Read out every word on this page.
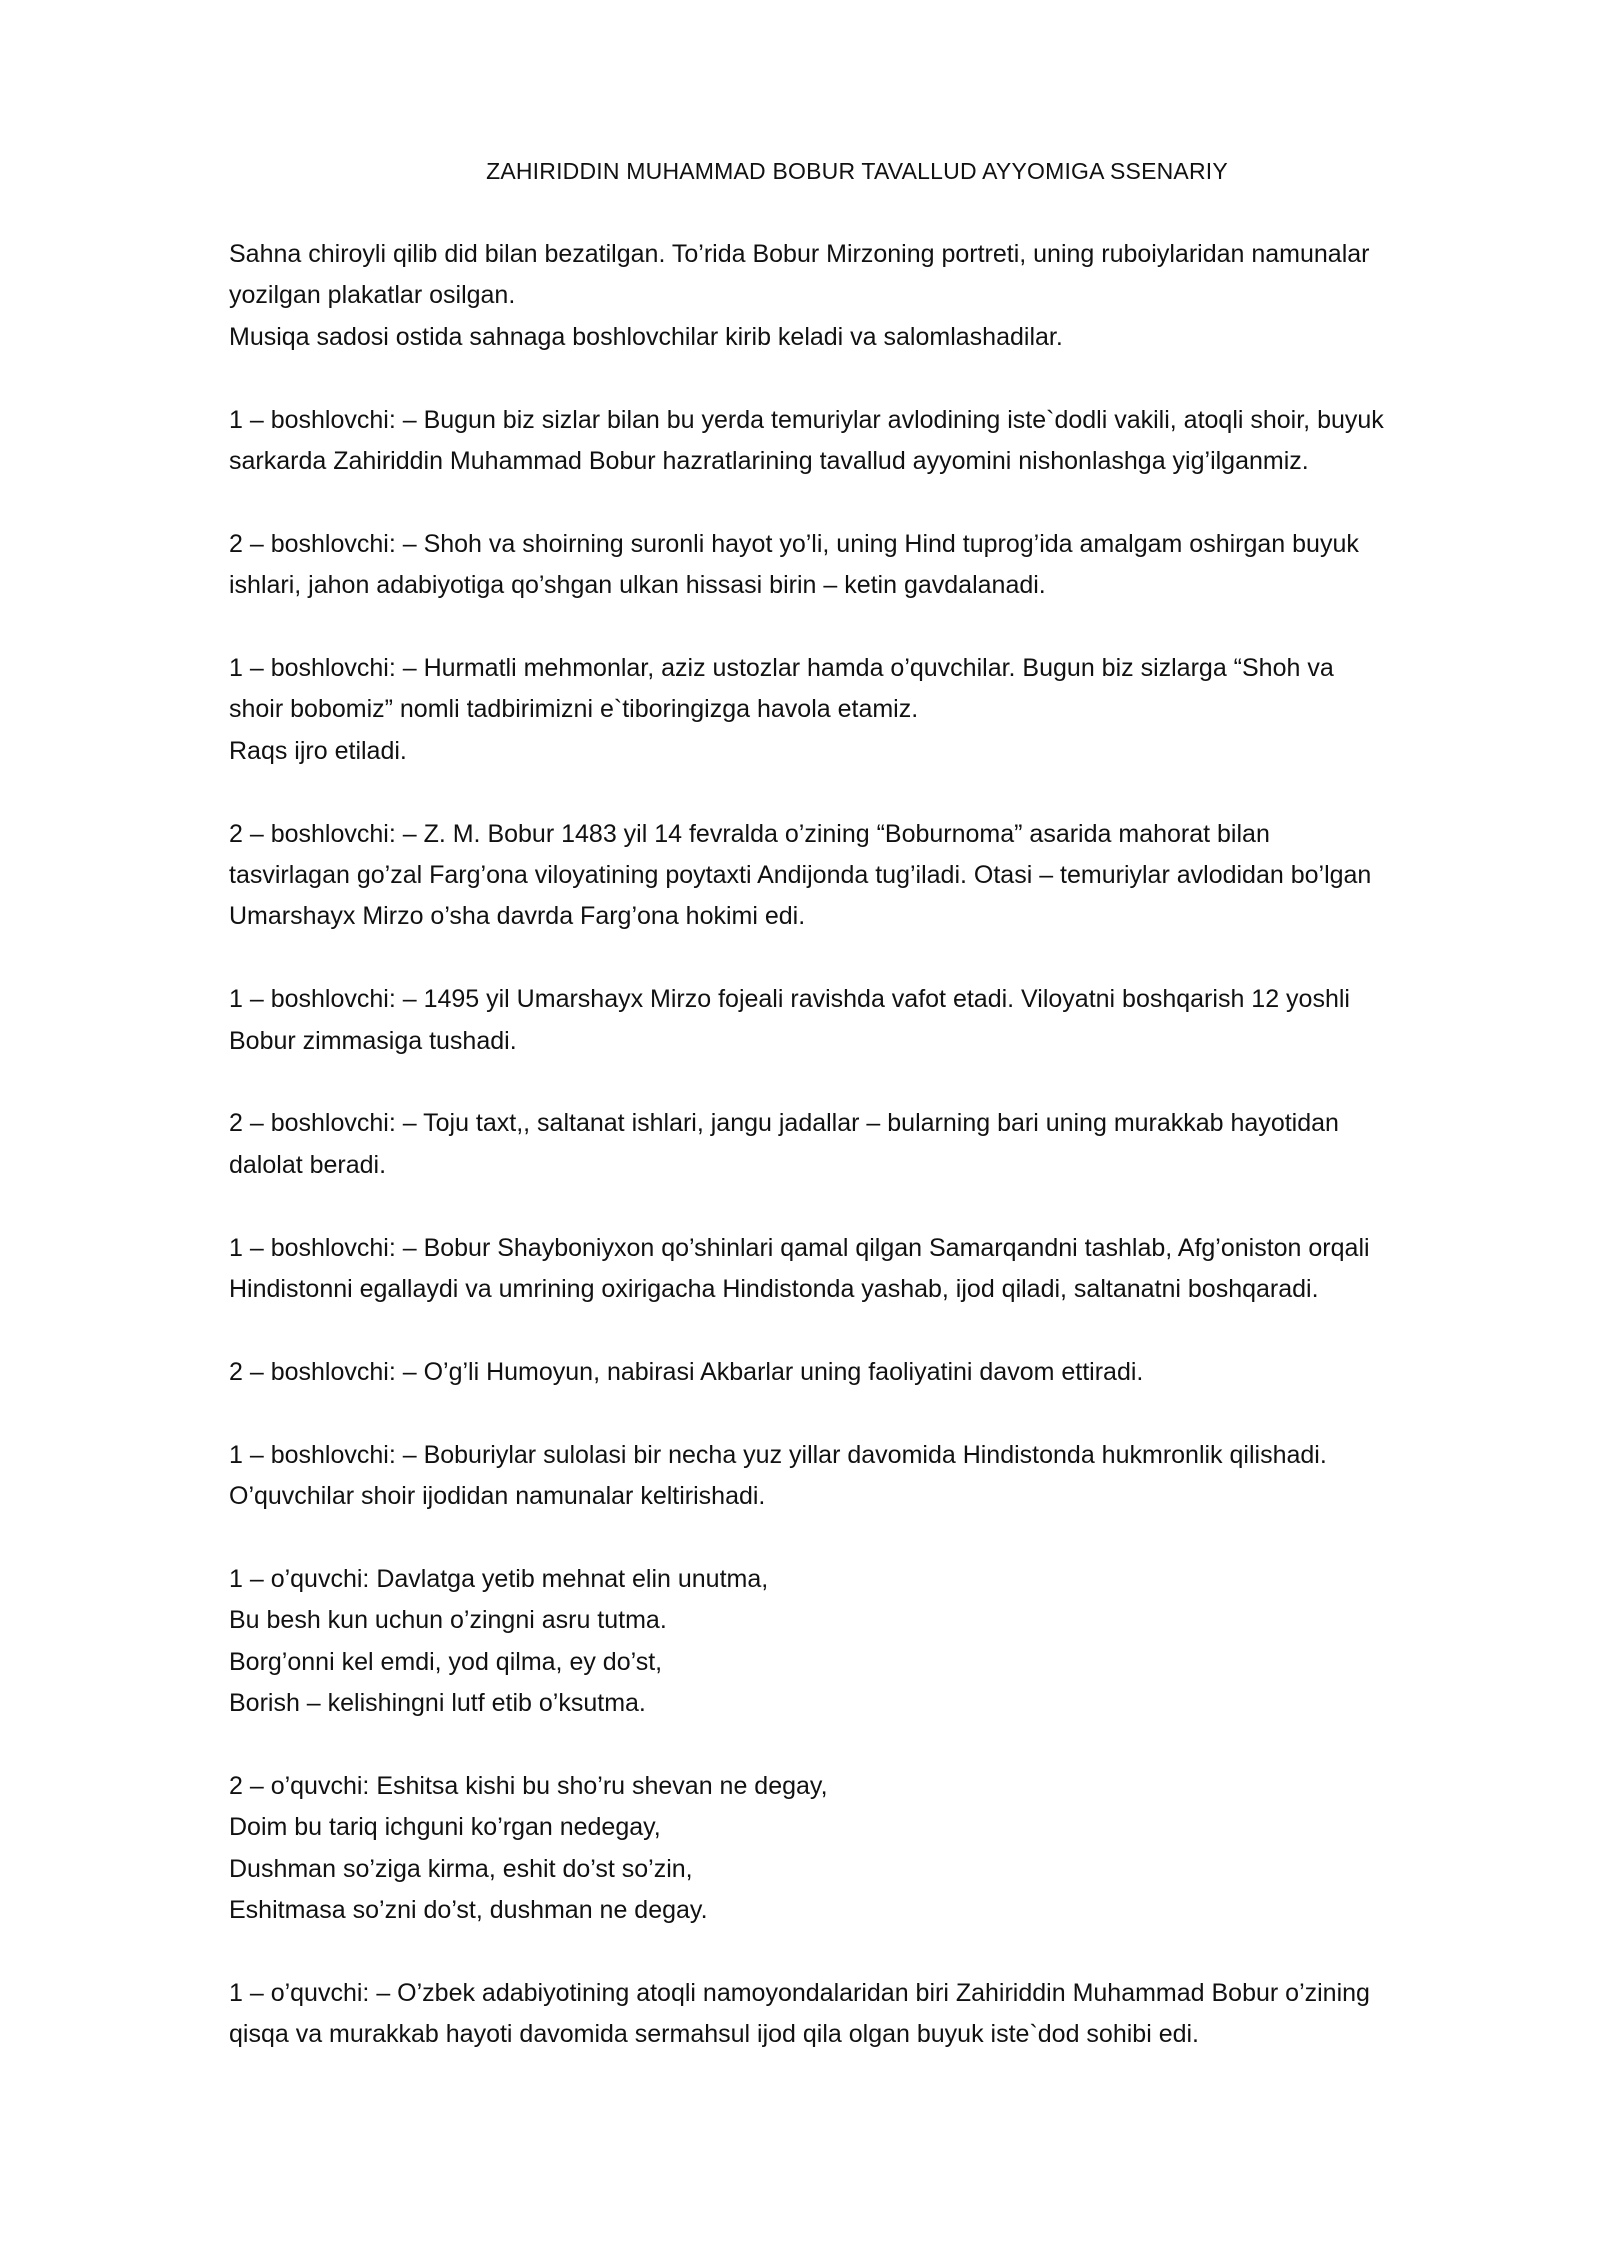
ZAHIRIDDIN MUHAMMAD BOBUR TAVALLUD AYYOMIGA SSENARIY
Sahna chiroyli qilib did bilan bezatilgan. To’rida Bobur Mirzoning portreti, uning ruboiylaridan namunalar
yozilgan plakatlar osilgan.
Musiqa sadosi ostida sahnaga boshlovchilar kirib keladi va salomlashadilar.
1 – boshlovchi: – Bugun biz sizlar bilan bu yerda temuriylar avlodining iste`dodli vakili, atoqli shoir, buyuk
sarkarda Zahiriddin Muhammad Bobur hazratlarining tavallud ayyomini nishonlashga yig’ilganmiz.
2 – boshlovchi: – Shoh va shoirning suronli hayot yo’li, uning Hind tuprog’ida amalgam oshirgan buyuk
ishlari, jahon adabiyotiga qo’shgan ulkan hissasi birin – ketin gavdalanadi.
1 – boshlovchi: – Hurmatli mehmonlar, aziz ustozlar hamda o’quvchilar. Bugun biz sizlarga “Shoh va
shoir bobomiz” nomli tadbirimizni e`tiboringizga havola etamiz.
Raqs ijro etiladi.
2 – boshlovchi: – Z. M. Bobur 1483 yil 14 fevralda o’zining “Boburnoma” asarida mahorat bilan
tasvirlagan go’zal Farg’ona viloyatining poytaxti Andijonda tug’iladi. Otasi – temuriylar avlodidan bo’lgan
Umarshayx Mirzo o’sha davrda Farg’ona hokimi edi.
1 – boshlovchi: – 1495 yil Umarshayx Mirzo fojeali ravishda vafot etadi. Viloyatni boshqarish 12 yoshli
Bobur zimmasiga tushadi.
2 – boshlovchi: – Toju taxt,, saltanat ishlari, jangu jadallar – bularning bari uning murakkab hayotidan
dalolat beradi.
1 – boshlovchi: – Bobur Shayboniyxon qo’shinlari qamal qilgan Samarqandni tashlab, Afg’oniston orqali
Hindistonni egallaydi va umrining oxirigacha Hindistonda yashab, ijod qiladi, saltanatni boshqaradi.
2 – boshlovchi: – O’g’li Humoyun, nabirasi Akbarlar uning faoliyatini davom ettiradi.
1 – boshlovchi: – Boburiylar sulolasi bir necha yuz yillar davomida Hindistonda hukmronlik qilishadi.
O’quvchilar shoir ijodidan namunalar keltirishadi.
1 – o’quvchi: Davlatga yetib mehnat elin unutma,
Bu besh kun uchun o’zingni asru tutma.
Borg’onni kel emdi, yod qilma, ey do’st,
Borish – kelishingni lutf etib o’ksutma.
2 – o’quvchi: Eshitsa kishi bu sho’ru shevan ne degay,
Doim bu tariq ichguni ko’rgan nedegay,
Dushman so’ziga kirma, eshit do’st so’zin,
Eshitmasa so’zni do’st, dushman ne degay.
1 – o’quvchi: – O’zbek adabiyotining atoqli namoyondalaridan biri Zahiriddin Muhammad Bobur o’zining
qisqa va murakkab hayoti davomida sermahsul ijod qila olgan buyuk iste`dod sohibi edi.
